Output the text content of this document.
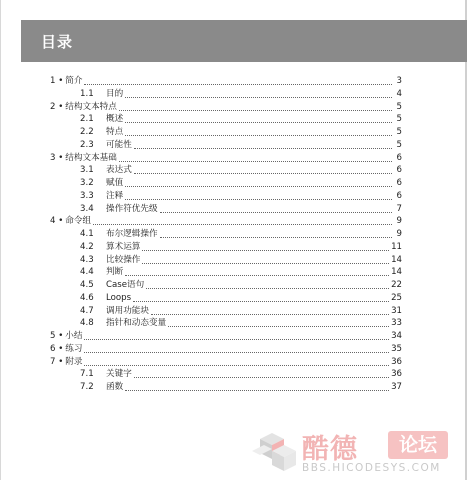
目录
1 • 简介	3
1.1	目的	4
2 • 结构文本特点	5
2.1	概述	5
2.2	特点	5
2.3	可能性	5
3 • 结构文本基础	6
3.1	表达式	6
3.2	赋值	6
3.3	注释	6
3.4	操作符优先级	7
4 • 命令组	9
4.1	布尔逻辑操作	9
4.2	算术运算	11
4.3	比较操作	14
4.4	判断	14
4.5	Case语句	22
4.6	Loops	25
4.7	调用功能块	31
4.8	指针和动态变量	33
5 • 小结	34
6 • 练习	35
7 • 附录	36
7.1	关键字	36
7.2	函数	37
酷德	论坛
BBS.HICODESYS.COM
